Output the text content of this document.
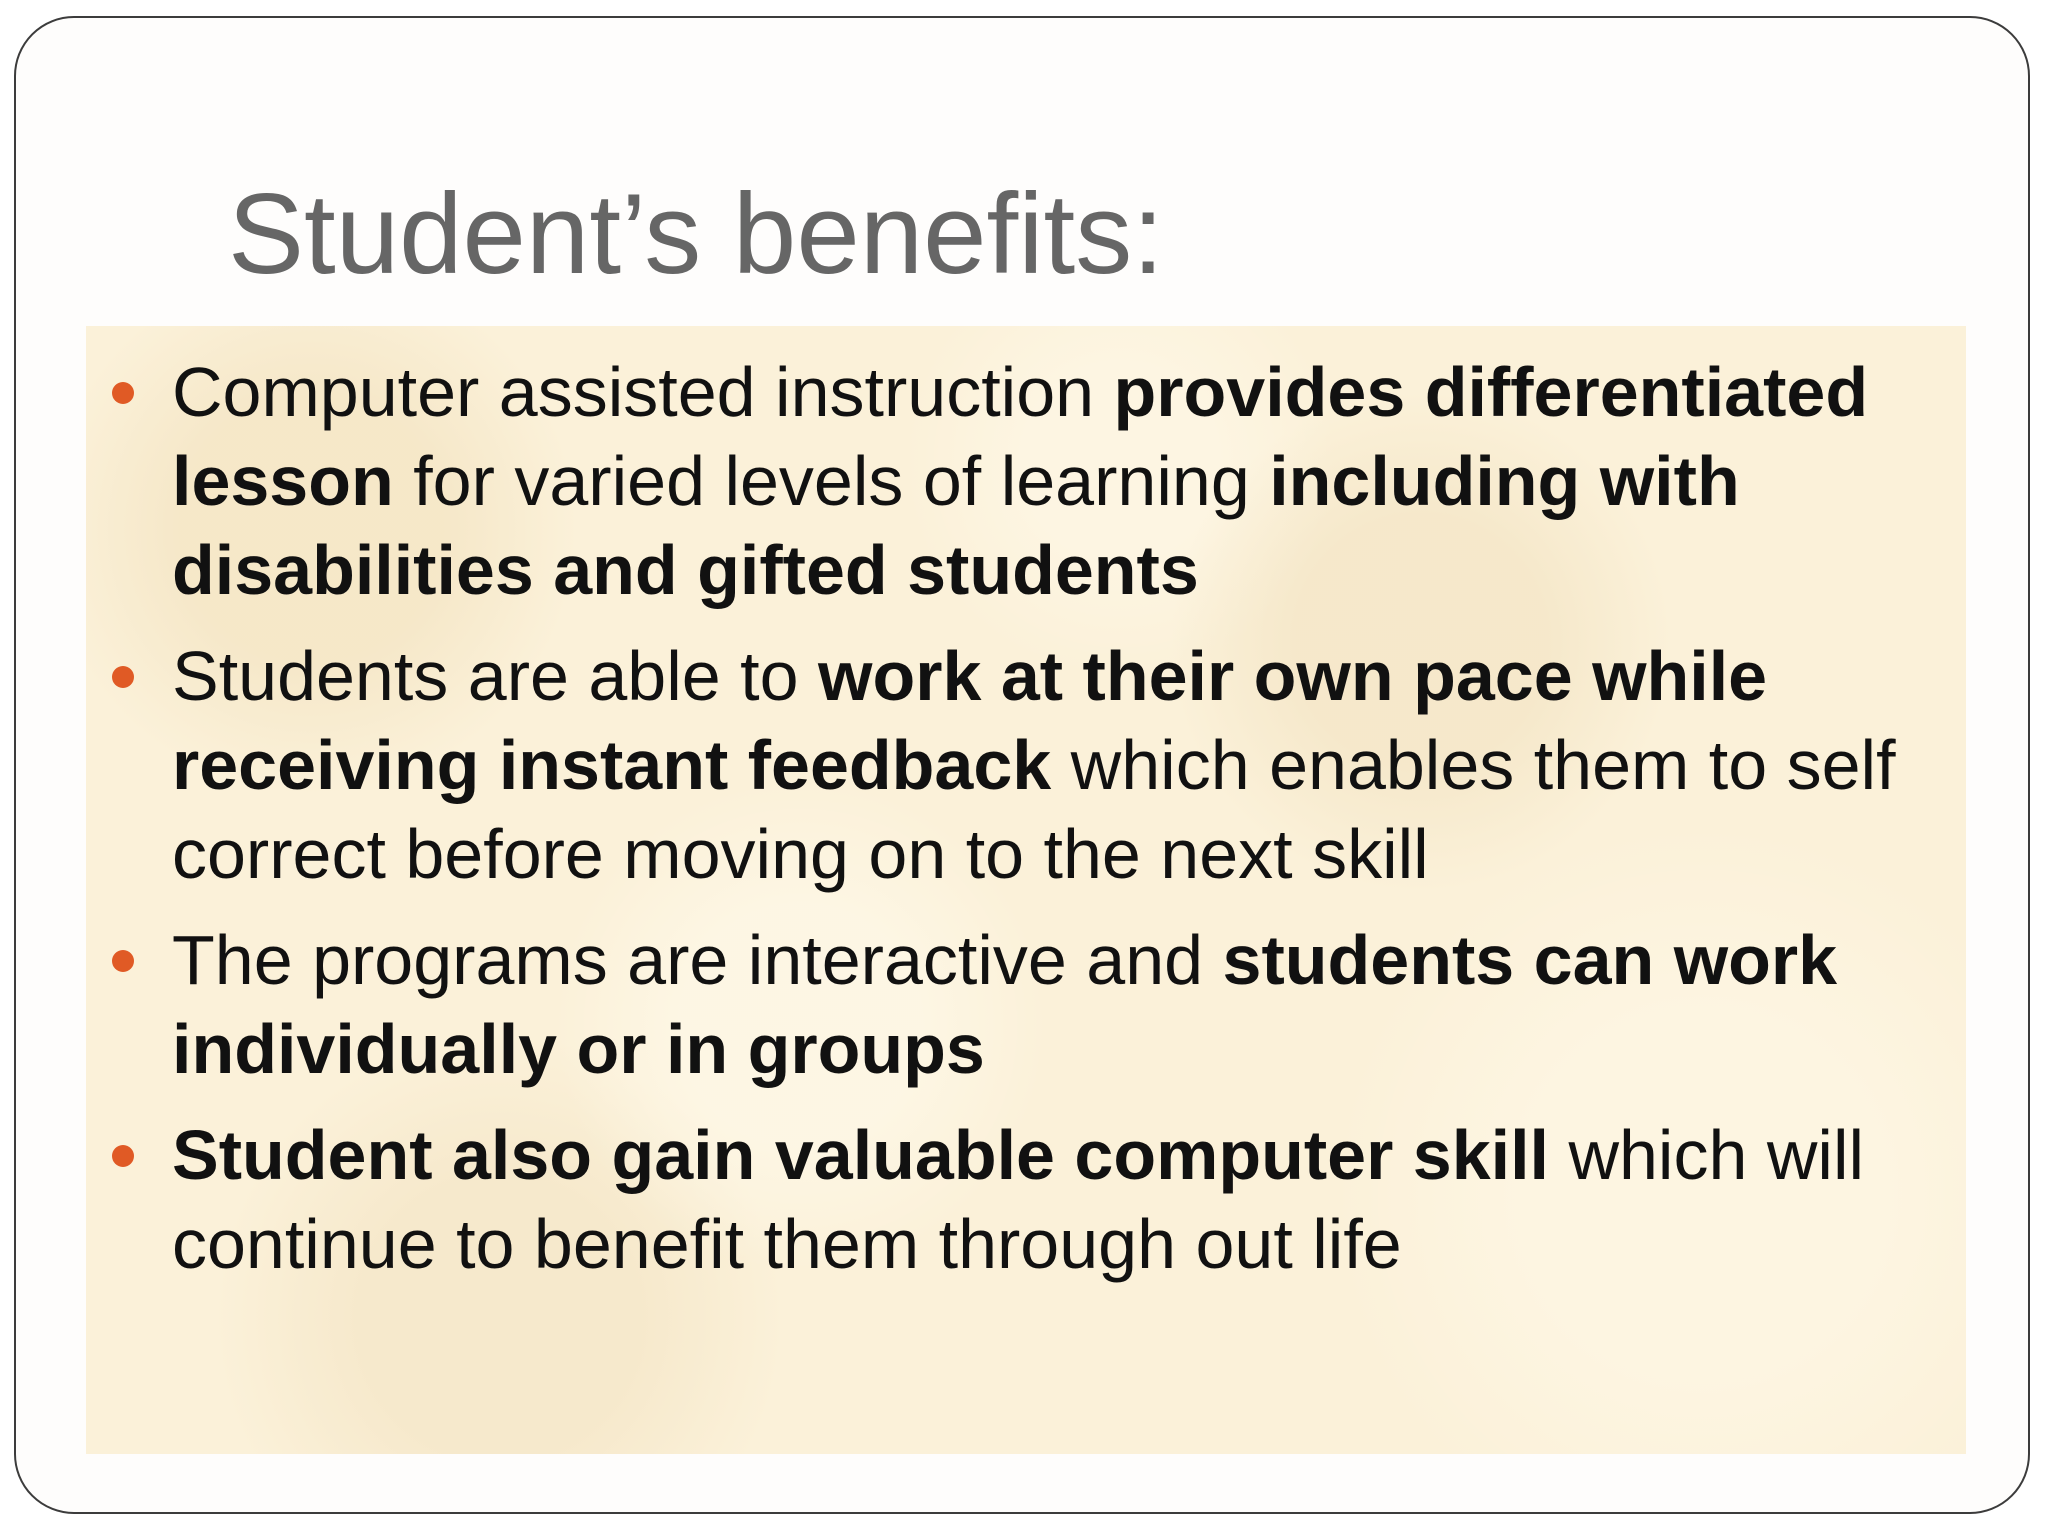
Student’s benefits:
Computer assisted instruction provides differentiated lesson for varied levels of learning including with disabilities and gifted students
Students are able to work at their own pace while receiving instant feedback which enables them to self correct before moving on to the next skill
The programs are interactive and students can work individually or in groups
Student also gain valuable computer skill which will continue to benefit them through out life
